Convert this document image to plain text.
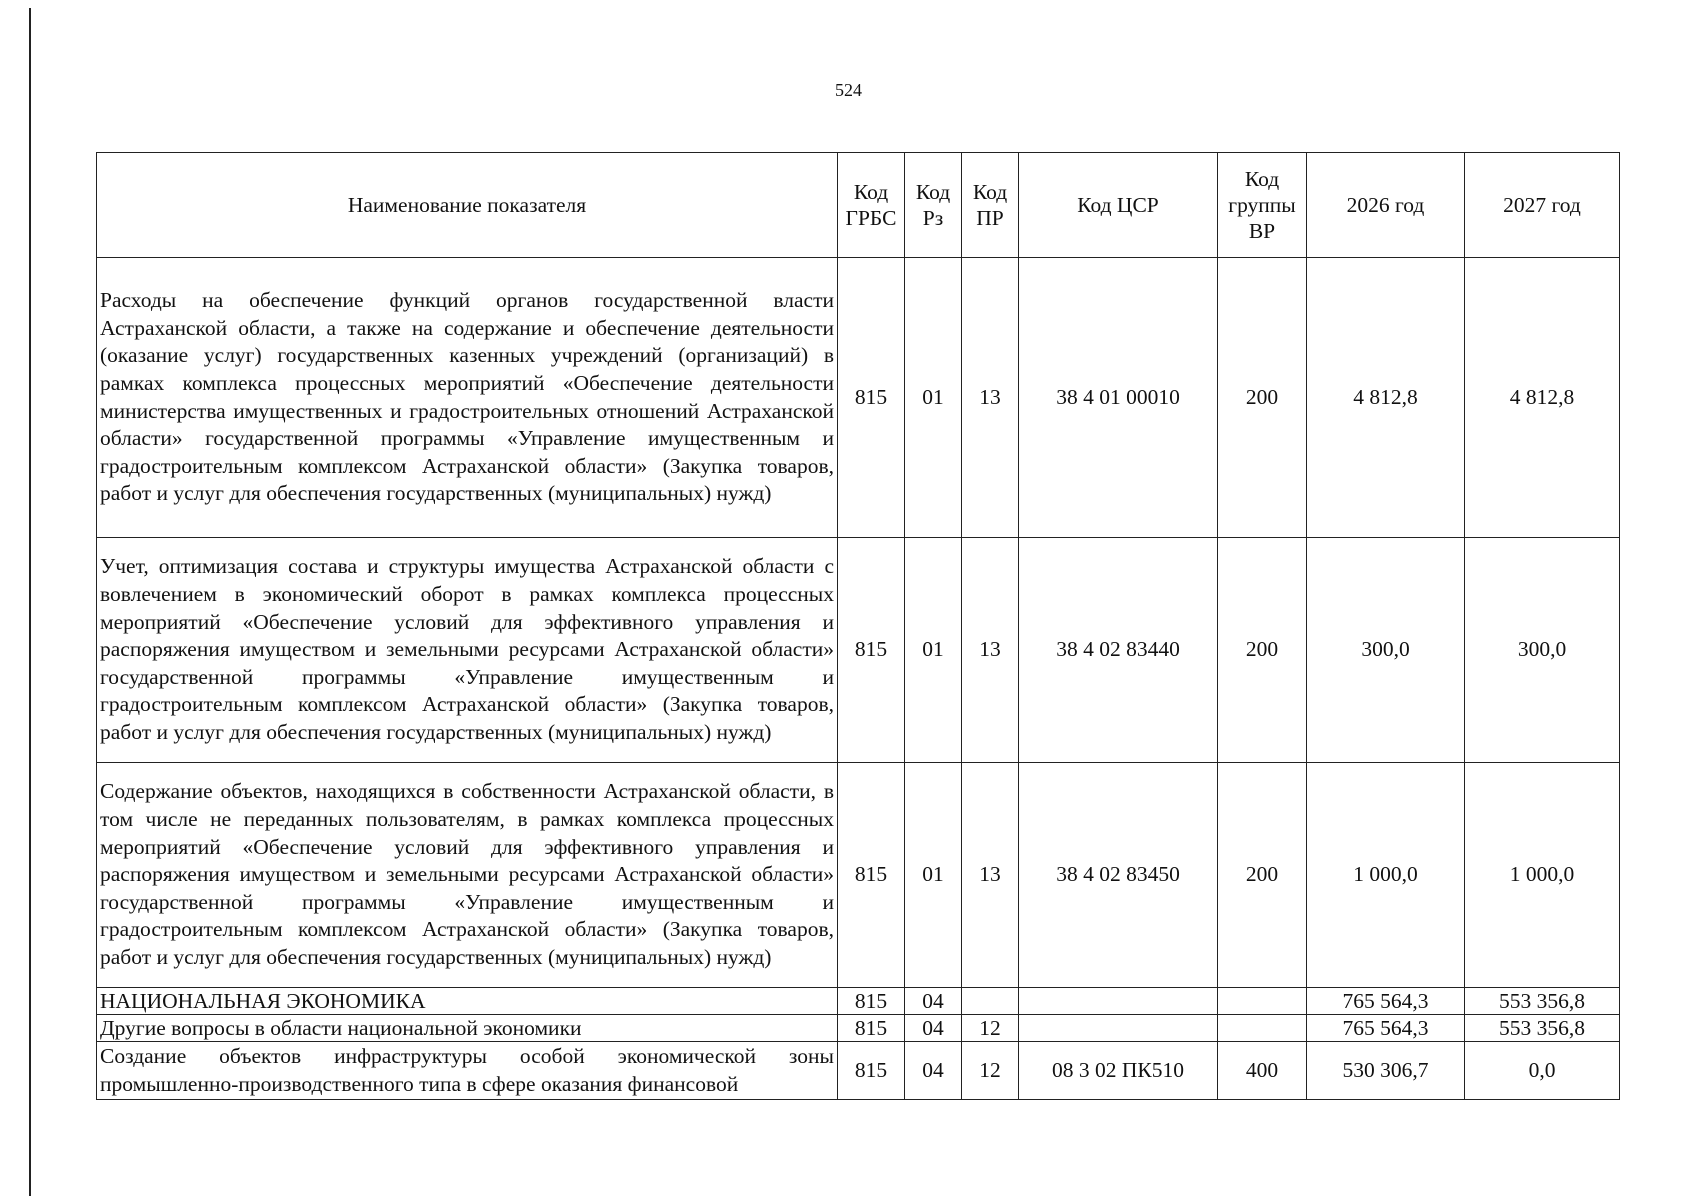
524
Наименование показателя	Код ГРБС	Код Рз	Код ПР	Код ЦСР	Код группы ВР	2026 год	2027 год
Расходы на обеспечение функций органов государственной власти Астраханской области, а также на содержание и обеспечение деятельности (оказание услуг) государственных казенных учреждений (организаций) в рамках комплекса процессных мероприятий «Обеспечение деятельности министерства имущественных и градостроительных отношений Астраханской области» государственной программы «Управление имущественным и градостроительным комплексом Астраханской области» (Закупка товаров, работ и услуг для обеспечения государственных (муниципальных) нужд)	815	01	13	38 4 01 00010	200	4 812,8	4 812,8
Учет, оптимизация состава и структуры имущества Астраханской области с вовлечением в экономический оборот в рамках комплекса процессных мероприятий «Обеспечение условий для эффективного управления и распоряжения имуществом и земельными ресурсами Астраханской области» государственной программы «Управление имущественным и градостроительным комплексом Астраханской области» (Закупка товаров, работ и услуг для обеспечения государственных (муниципальных) нужд)	815	01	13	38 4 02 83440	200	300,0	300,0
Содержание объектов, находящихся в собственности Астраханской области, в том числе не переданных пользователям, в рамках комплекса процессных мероприятий «Обеспечение условий для эффективного управления и распоряжения имуществом и земельными ресурсами Астраханской области» государственной программы «Управление имущественным и градостроительным комплексом Астраханской области» (Закупка товаров, работ и услуг для обеспечения государственных (муниципальных) нужд)	815	01	13	38 4 02 83450	200	1 000,0	1 000,0
НАЦИОНАЛЬНАЯ ЭКОНОМИКА	815	04				765 564,3	553 356,8
Другие вопросы в области национальной экономики	815	04	12			765 564,3	553 356,8
Создание объектов инфраструктуры особой экономической зоны промышленно-производственного типа в сфере оказания финансовой	815	04	12	08 3 02 ПК510	400	530 306,7	0,0
